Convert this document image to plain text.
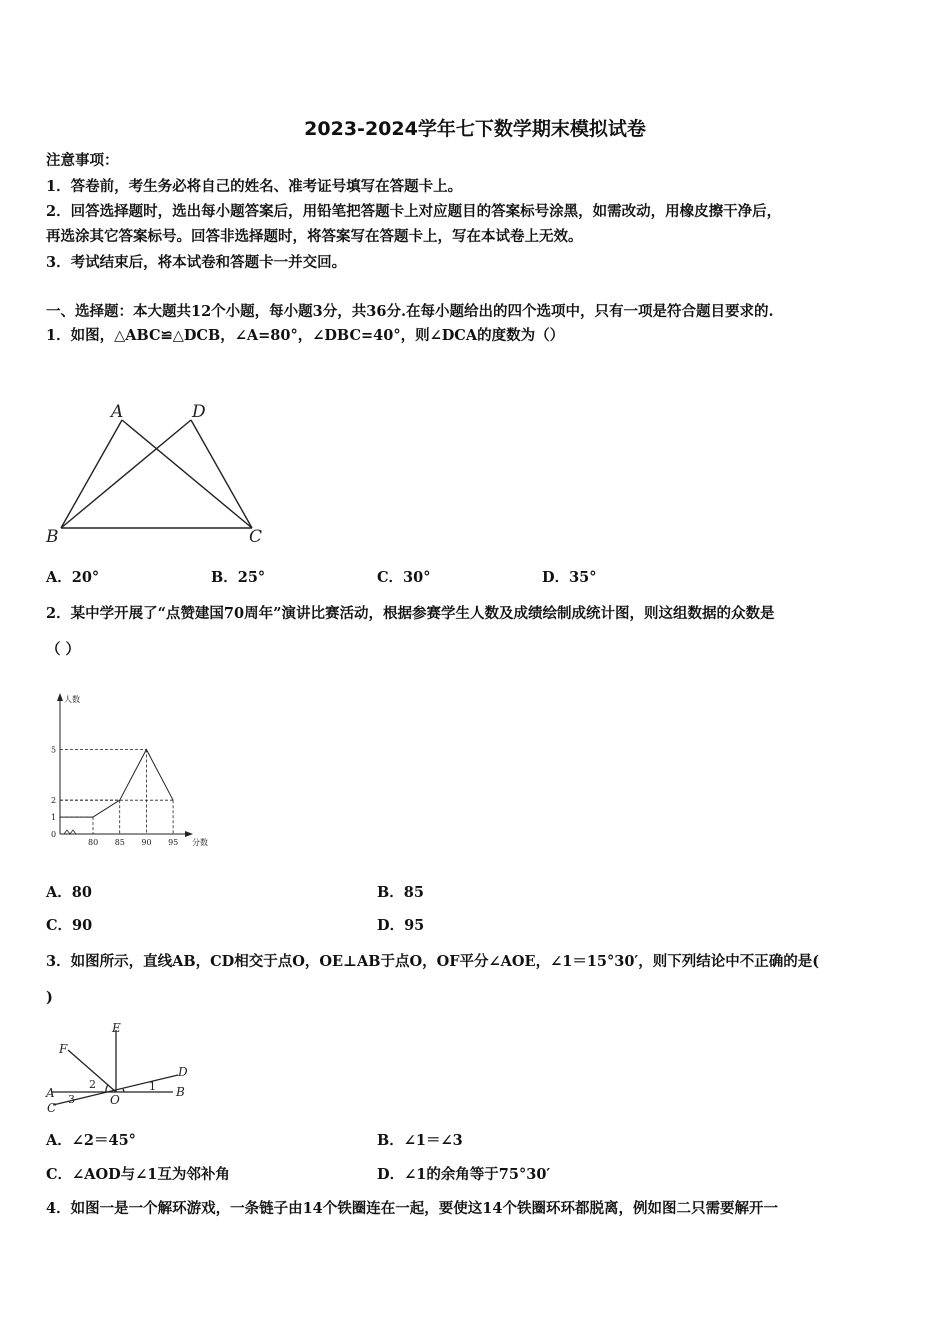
2023-2024学年七下数学期末模拟试卷
注意事项：
1．答卷前，考生务必将自己的姓名、准考证号填写在答题卡上。
2．回答选择题时，选出每小题答案后，用铅笔把答题卡上对应题目的答案标号涂黑，如需改动，用橡皮擦干净后，
再选涂其它答案标号。回答非选择题时，将答案写在答题卡上，写在本试卷上无效。
3．考试结束后，将本试卷和答题卡一并交回。
一、选择题：本大题共12个小题，每小题3分，共36分.在每小题给出的四个选项中，只有一项是符合题目要求的.
1．如图，△ABC≌△DCB，∠A=80°，∠DBC=40°，则∠DCA的度数为（）
A	D
B	C
A．20°	B．25°	C．30°	D．35°
2．某中学开展了“点赞建国70周年”演讲比赛活动，根据参赛学生人数及成绩绘制成统计图，则这组数据的众数是
（ ）
人数
分数
0
1
2
5
80 85 90 95
A．80	B．85
C．90	D．95
3．如图所示，直线AB，CD相交于点O，OE⊥AB于点O，OF平分∠AOE，∠1＝15°30′，则下列结论中不正确的是(
)
E
F
D
A	B
C
O
1
2
3
A．∠2＝45°	B．∠1＝∠3
C．∠AOD与∠1互为邻补角	D．∠1的余角等于75°30′
4．如图一是一个解环游戏，一条链子由14个铁圈连在一起，要使这14个铁圈环环都脱离，例如图二只需要解开一
